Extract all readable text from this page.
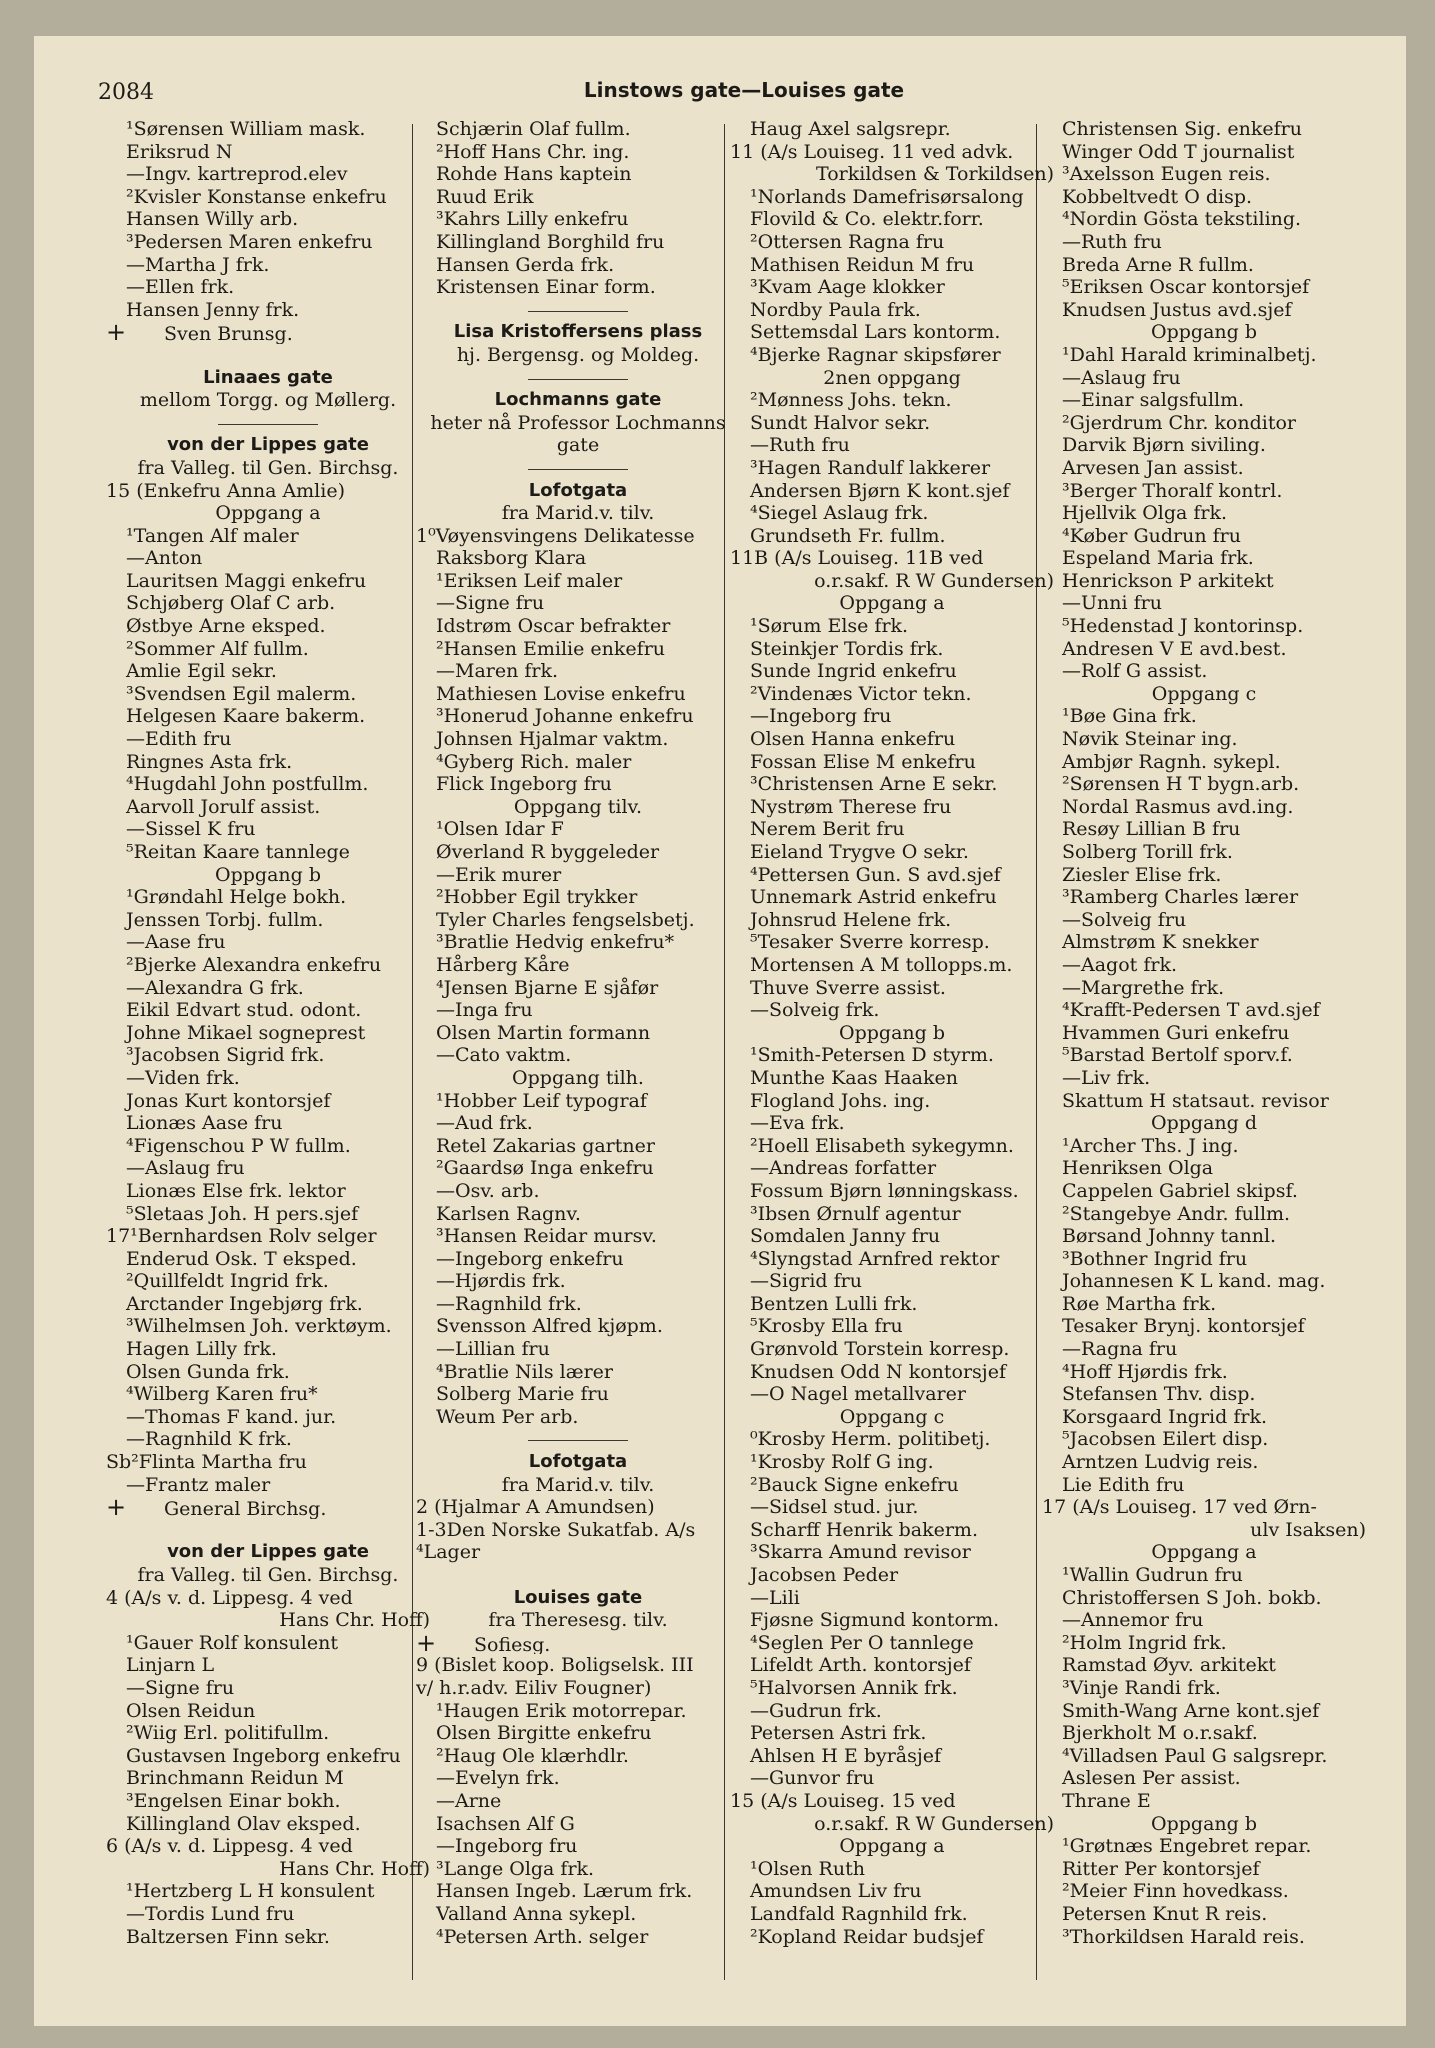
2084	Linstows gate—Louises gate
¹Sørensen William mask.
Eriksrud N
—Ingv. kartreprod.elev
²Kvisler Konstanse enkefru
Hansen Willy arb.
³Pedersen Maren enkefru
—Martha J frk.
—Ellen frk.
Hansen Jenny frk.
+ Sven Brunsg.
Linaaes gate
mellom Torgg. og Møllerg.
von der Lippes gate
fra Valleg. til Gen. Birchsg.
15 (Enkefru Anna Amlie)
Oppgang a
¹Tangen Alf maler
—Anton
Lauritsen Maggi enkefru
Schjøberg Olaf C arb.
Østbye Arne eksped.
²Sommer Alf fullm.
Amlie Egil sekr.
³Svendsen Egil malerm.
Helgesen Kaare bakerm.
—Edith fru
Ringnes Asta frk.
⁴Hugdahl John postfullm.
Aarvoll Jorulf assist.
—Sissel K fru
⁵Reitan Kaare tannlege
Oppgang b
¹Grøndahl Helge bokh.
Jenssen Torbj. fullm.
—Aase fru
²Bjerke Alexandra enkefru
—Alexandra G frk.
Eikil Edvart stud. odont.
Johne Mikael sogneprest
³Jacobsen Sigrid frk.
—Viden frk.
Jonas Kurt kontorsjef
Lionæs Aase fru
⁴Figenschou P W fullm.
—Aslaug fru
Lionæs Else frk. lektor
⁵Sletaas Joh. H pers.sjef
17¹Bernhardsen Rolv selger
Enderud Osk. T eksped.
²Quillfeldt Ingrid frk.
Arctander Ingebjørg frk.
³Wilhelmsen Joh. verktøym.
Hagen Lilly frk.
Olsen Gunda frk.
⁴Wilberg Karen fru*
—Thomas F kand. jur.
—Ragnhild K frk.
Sb²Flinta Martha fru
—Frantz maler
+ General Birchsg.
von der Lippes gate
fra Valleg. til Gen. Birchsg.
4 (A/s v. d. Lippesg. 4 ved
Hans Chr. Hoff)
¹Gauer Rolf konsulent
Linjarn L
—Signe fru
Olsen Reidun
²Wiig Erl. politifullm.
Gustavsen Ingeborg enkefru
Brinchmann Reidun M
³Engelsen Einar bokh.
Killingland Olav eksped.
6 (A/s v. d. Lippesg. 4 ved
Hans Chr. Hoff)
¹Hertzberg L H konsulent
—Tordis Lund fru
Baltzersen Finn sekr.
Schjærin Olaf fullm.
²Hoff Hans Chr. ing.
Rohde Hans kaptein
Ruud Erik
³Kahrs Lilly enkefru
Killingland Borghild fru
Hansen Gerda frk.
Kristensen Einar form.
Lisa Kristoffersens plass
hj. Bergensg. og Moldeg.
Lochmanns gate
heter nå Professor Lochmanns
gate
Lofotgata
fra Marid.v. tilv.
1⁰Vøyensvingens Delikatesse
Raksborg Klara
¹Eriksen Leif maler
—Signe fru
Idstrøm Oscar befrakter
²Hansen Emilie enkefru
—Maren frk.
Mathiesen Lovise enkefru
³Honerud Johanne enkefru
Johnsen Hjalmar vaktm.
⁴Gyberg Rich. maler
Flick Ingeborg fru
Oppgang tilv.
¹Olsen Idar F
Øverland R byggeleder
—Erik murer
²Hobber Egil trykker
Tyler Charles fengselsbetj.
³Bratlie Hedvig enkefru*
Hårberg Kåre
⁴Jensen Bjarne E sjåfør
—Inga fru
Olsen Martin formann
—Cato vaktm.
Oppgang tilh.
¹Hobber Leif typograf
—Aud frk.
Retel Zakarias gartner
²Gaardsø Inga enkefru
—Osv. arb.
Karlsen Ragnv.
³Hansen Reidar mursv.
—Ingeborg enkefru
—Hjørdis frk.
—Ragnhild frk.
Svensson Alfred kjøpm.
—Lillian fru
⁴Bratlie Nils lærer
Solberg Marie fru
Weum Per arb.
Lofotgata
fra Marid.v. tilv.
2 (Hjalmar A Amundsen)
1-3Den Norske Sukatfab. A/s
⁴Lager
Louises gate
fra Theresesg. tilv.
+ Sofiesg.
9 (Bislet koop. Boligselsk. III
v/ h.r.adv. Eiliv Fougner)
¹Haugen Erik motorrepar.
Olsen Birgitte enkefru
²Haug Ole klærhdlr.
—Evelyn frk.
—Arne
Isachsen Alf G
—Ingeborg fru
³Lange Olga frk.
Hansen Ingeb. Lærum frk.
Valland Anna sykepl.
⁴Petersen Arth. selger
Haug Axel salgsrepr.
11 (A/s Louiseg. 11 ved advk.
Torkildsen & Torkildsen)
¹Norlands Damefrisørsalong
Flovild & Co. elektr.forr.
²Ottersen Ragna fru
Mathisen Reidun M fru
³Kvam Aage klokker
Nordby Paula frk.
Settemsdal Lars kontorm.
⁴Bjerke Ragnar skipsfører
2nen oppgang
²Mønness Johs. tekn.
Sundt Halvor sekr.
—Ruth fru
³Hagen Randulf lakkerer
Andersen Bjørn K kont.sjef
⁴Siegel Aslaug frk.
Grundseth Fr. fullm.
11B (A/s Louiseg. 11B ved
o.r.sakf. R W Gundersen)
Oppgang a
¹Sørum Else frk.
Steinkjer Tordis frk.
Sunde Ingrid enkefru
²Vindenæs Victor tekn.
—Ingeborg fru
Olsen Hanna enkefru
Fossan Elise M enkefru
³Christensen Arne E sekr.
Nystrøm Therese fru
Nerem Berit fru
Eieland Trygve O sekr.
⁴Pettersen Gun. S avd.sjef
Unnemark Astrid enkefru
Johnsrud Helene frk.
⁵Tesaker Sverre korresp.
Mortensen A M tollopps.m.
Thuve Sverre assist.
—Solveig frk.
Oppgang b
¹Smith-Petersen D styrm.
Munthe Kaas Haaken
Flogland Johs. ing.
—Eva frk.
²Hoell Elisabeth sykegymn.
—Andreas forfatter
Fossum Bjørn lønningskass.
³Ibsen Ørnulf agentur
Somdalen Janny fru
⁴Slyngstad Arnfred rektor
—Sigrid fru
Bentzen Lulli frk.
⁵Krosby Ella fru
Grønvold Torstein korresp.
Knudsen Odd N kontorsjef
—O Nagel metallvarer
Oppgang c
⁰Krosby Herm. politibetj.
¹Krosby Rolf G ing.
²Bauck Signe enkefru
—Sidsel stud. jur.
Scharff Henrik bakerm.
³Skarra Amund revisor
Jacobsen Peder
—Lili
Fjøsne Sigmund kontorm.
⁴Seglen Per O tannlege
Lifeldt Arth. kontorsjef
⁵Halvorsen Annik frk.
—Gudrun frk.
Petersen Astri frk.
Ahlsen H E byråsjef
—Gunvor fru
15 (A/s Louiseg. 15 ved
o.r.sakf. R W Gundersen)
Oppgang a
¹Olsen Ruth
Amundsen Liv fru
Landfald Ragnhild frk.
²Kopland Reidar budsjef
Christensen Sig. enkefru
Winger Odd T journalist
³Axelsson Eugen reis.
Kobbeltvedt O disp.
⁴Nordin Gösta tekstiling.
—Ruth fru
Breda Arne R fullm.
⁵Eriksen Oscar kontorsjef
Knudsen Justus avd.sjef
Oppgang b
¹Dahl Harald kriminalbetj.
—Aslaug fru
—Einar salgsfullm.
²Gjerdrum Chr. konditor
Darvik Bjørn siviling.
Arvesen Jan assist.
³Berger Thoralf kontrl.
Hjellvik Olga frk.
⁴Køber Gudrun fru
Espeland Maria frk.
Henrickson P arkitekt
—Unni fru
⁵Hedenstad J kontorinsp.
Andresen V E avd.best.
—Rolf G assist.
Oppgang c
¹Bøe Gina frk.
Nøvik Steinar ing.
Ambjør Ragnh. sykepl.
²Sørensen H T bygn.arb.
Nordal Rasmus avd.ing.
Resøy Lillian B fru
Solberg Torill frk.
Ziesler Elise frk.
³Ramberg Charles lærer
—Solveig fru
Almstrøm K snekker
—Aagot frk.
—Margrethe frk.
⁴Krafft-Pedersen T avd.sjef
Hvammen Guri enkefru
⁵Barstad Bertolf sporv.f.
—Liv frk.
Skattum H statsaut. revisor
Oppgang d
¹Archer Ths. J ing.
Henriksen Olga
Cappelen Gabriel skipsf.
²Stangebye Andr. fullm.
Børsand Johnny tannl.
³Bothner Ingrid fru
Johannesen K L kand. mag.
Røe Martha frk.
Tesaker Brynj. kontorsjef
—Ragna fru
⁴Hoff Hjørdis frk.
Stefansen Thv. disp.
Korsgaard Ingrid frk.
⁵Jacobsen Eilert disp.
Arntzen Ludvig reis.
Lie Edith fru
17 (A/s Louiseg. 17 ved Ørn-
ulv Isaksen)
Oppgang a
¹Wallin Gudrun fru
Christoffersen S Joh. bokb.
—Annemor fru
²Holm Ingrid frk.
Ramstad Øyv. arkitekt
³Vinje Randi frk.
Smith-Wang Arne kont.sjef
Bjerkholt M o.r.sakf.
⁴Villadsen Paul G salgsrepr.
Aslesen Per assist.
Thrane E
Oppgang b
¹Grøtnæs Engebret repar.
Ritter Per kontorsjef
²Meier Finn hovedkass.
Petersen Knut R reis.
³Thorkildsen Harald reis.
